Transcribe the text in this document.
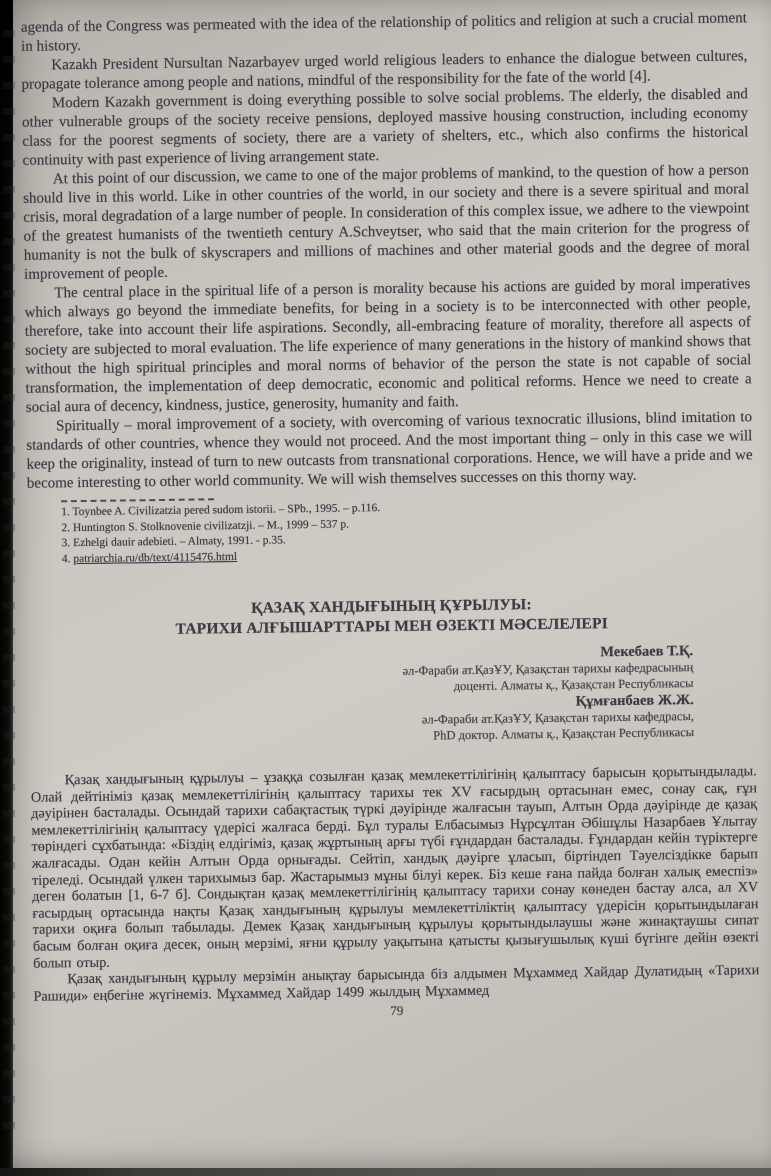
agenda of the Congress was permeated with the idea of the relationship of politics and religion at such a crucial moment in history.

Kazakh President Nursultan Nazarbayev urged world religious leaders to enhance the dialogue between cultures, propagate tolerance among people and nations, mindful of the responsibility for the fate of the world [4].

Modern Kazakh government is doing everything possible to solve social problems. The elderly, the disabled and other vulnerable groups of the society receive pensions, deployed massive housing construction, including economy class for the poorest segments of society, there are a variety of shelters, etc., which also confirms the historical continuity with past experience of living arrangement state.

At this point of our discussion, we came to one of the major problems of mankind, to the question of how a person should live in this world. Like in other countries of the world, in our society and there is a severe spiritual and moral crisis, moral degradation of a large number of people. In consideration of this complex issue, we adhere to the viewpoint of the greatest humanists of the twentieth century A.Schveytser, who said that the main criterion for the progress of humanity is not the bulk of skyscrapers and millions of machines and other material goods and the degree of moral improvement of people.

The central place in the spiritual life of a person is morality because his actions are guided by moral imperatives which always go beyond the immediate benefits, for being in a society is to be interconnected with other people, therefore, take into account their life aspirations. Secondly, all-embracing feature of morality, therefore all aspects of society are subjected to moral evaluation. The life experience of many generations in the history of mankind shows that without the high spiritual principles and moral norms of behavior of the person the state is not capable of social transformation, the implementation of deep democratic, economic and political reforms. Hence we need to create a social aura of decency, kindness, justice, generosity, humanity and faith.

Spiritually – moral improvement of a society, with overcoming of various texnocratic illusions, blind imitation to standards of other countries, whence they would not proceed. And the most important thing – only in this case we will keep the originality, instead of turn to new outcasts from transnational corporations. Hence, we will have a pride and we become interesting to other world community. We will wish themselves successes on this thorny way.

1. Toynbee A. Civilizatzia pered sudom istorii. – SPb., 1995. – p.116.

2. Huntington S. Stolknovenie civilizatzji. – M., 1999 – 537 p.

3. Ezhelgi dauir adebieti. – Almaty, 1991. - p.35.

4. patriarchia.ru/db/text/4115476.html

ҚАЗАҚ ХАНДЫҒЫНЫҢ ҚҰРЫЛУЫ:
ТАРИХИ АЛҒЫШАРТТАРЫ МЕН ӨЗЕКТІ МӘСЕЛЕЛЕРІ
Мекебаев Т.Қ.
әл-Фараби ат.ҚазҰУ, Қазақстан тарихы кафедрасының
доценті. Алматы қ., Қазақстан Республикасы
Құмғанбаев Ж.Ж.
әл-Фараби ат.ҚазҰУ, Қазақстан тарихы кафедрасы,
PhD доктор. Алматы қ., Қазақстан Республикасы

Қазақ хандығының құрылуы – ұзаққа созылған қазақ мемлекеттілігінің қалыптасу барысын қорытындылады. Олай дейтініміз қазақ мемлекеттілігінің қалыптасу тарихы тек XV ғасырдың ортасынан емес, сонау сақ, ғұн дәуірінен басталады. Осындай тарихи сабақтастық түркі дәуірінде жалғасын тауып, Алтын Орда дәуірінде де қазақ мемлекеттілігінің қалыптасу үдерісі жалғаса берді. Бұл туралы Елбасымыз Нұрсұлтан Әбішұлы Назарбаев Ұлытау төріндегі сұхбатында: «Біздің елдігіміз, қазақ жұртының арғы түбі ғұндардан басталады. Ғұндардан кейін түріктерге жалғасады. Одан кейін Алтын Орда орнығады. Сейтіп, хандық дәуірге ұласып, біртіндеп Тәуелсіздікке барып тіреледі. Осындай үлкен тарихымыз бар. Жастарымыз мұны білуі керек. Біз кеше ғана пайда болған халық емеспіз» деген болатын [1, 6-7 б]. Сондықтан қазақ мемлекеттілігінің қалыптасу тарихи сонау көнеден бастау алса, ал XV ғасырдың ортасында нақты Қазақ хандығының құрылуы мемлекеттіліктің қалыптасу үдерісін қорытындылаған тарихи оқиға болып табылады. Демек Қазақ хандығының құрылуы қорытындылаушы және жинақтаушы сипат басым болған оқиға десек, оның мерзімі, яғни құрылу уақытына қатысты қызығушылық күші бүгінге дейін өзекті болып отыр.

Қазақ хандығының құрылу мерзімін анықтау барысында біз алдымен Мұхаммед Хайдар Дулатидың «Тарихи Рашиди» еңбегіне жүгінеміз. Мұхаммед Хайдар 1499 жылдың Мұхаммед

79
